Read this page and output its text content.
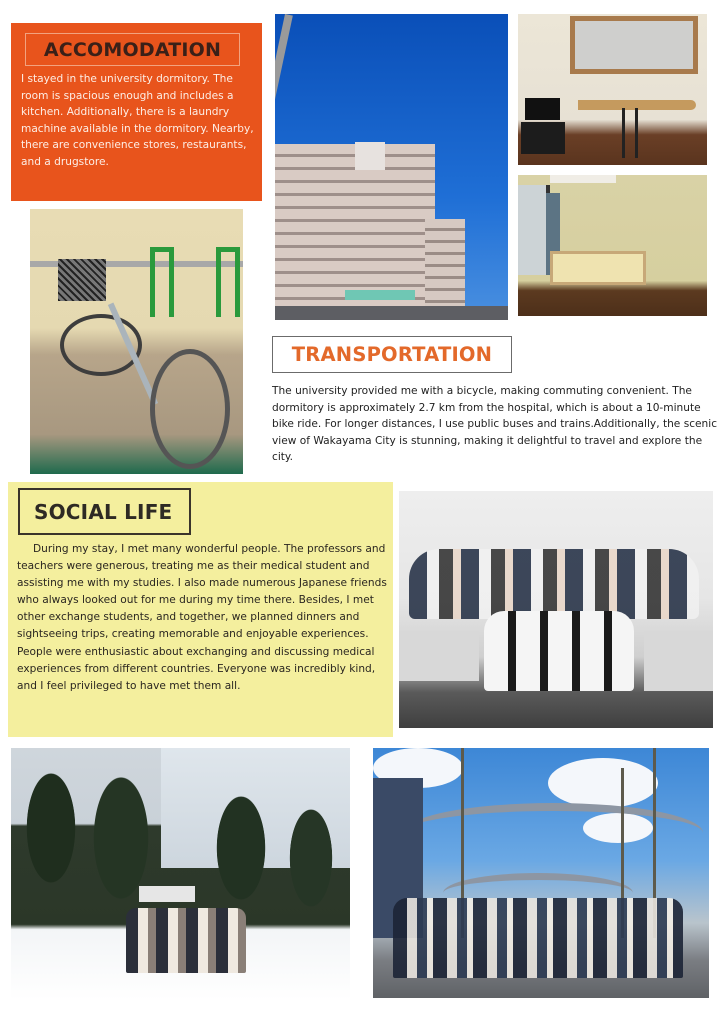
ACCOMODATION
I stayed in the university dormitory. The room is spacious enough and includes a kitchen. Additionally, there is a laundry machine available in the dormitory. Nearby, there are convenience stores, restaurants, and a drugstore.
TRANSPORTATION
The university provided me with a bicycle, making commuting convenient. The dormitory is approximately 2.7 km from the hospital, which is about a 10-minute bike ride. For longer distances, I use public buses and trains.Additionally, the scenic view of Wakayama City is stunning, making it delightful to travel and explore the city.
SOCIAL LIFE
During my stay, I met many wonderful people. The professors and teachers were generous, treating me as their medical student and assisting me with my studies. I also made numerous Japanese friends who always looked out for me during my time there. Besides, I met other exchange students, and together, we planned dinners and sightseeing trips, creating memorable and enjoyable experiences. People were enthusiastic about exchanging and discussing medical experiences from different countries. Everyone was incredibly kind, and I feel privileged to have met them all.
